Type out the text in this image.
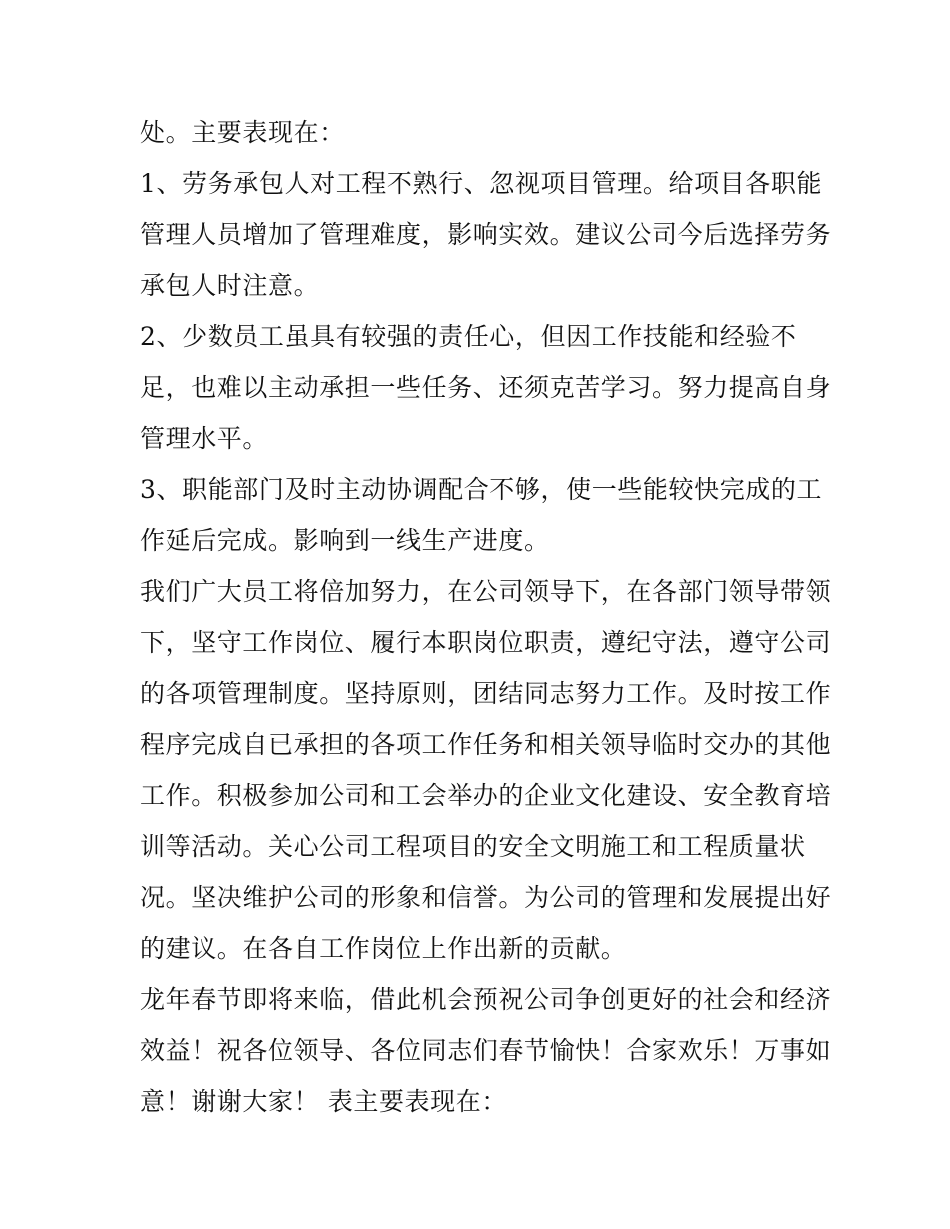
处。主要表现在：
1、劳务承包人对工程不熟行、忽视项目管理。给项目各职能
管理人员增加了管理难度，影响实效。建议公司今后选择劳务
承包人时注意。
2、少数员工虽具有较强的责任心，但因工作技能和经验不
足，也难以主动承担一些任务、还须克苦学习。努力提高自身
管理水平。
3、职能部门及时主动协调配合不够，使一些能较快完成的工
作延后完成。影响到一线生产进度。
我们广大员工将倍加努力，在公司领导下，在各部门领导带领
下，坚守工作岗位、履行本职岗位职责，遵纪守法，遵守公司
的各项管理制度。坚持原则，团结同志努力工作。及时按工作
程序完成自已承担的各项工作任务和相关领导临时交办的其他
工作。积极参加公司和工会举办的企业文化建设、安全教育培
训等活动。关心公司工程项目的安全文明施工和工程质量状
况。坚决维护公司的形象和信誉。为公司的管理和发展提出好
的建议。在各自工作岗位上作出新的贡献。
龙年春节即将来临，借此机会预祝公司争创更好的社会和经济
效益！祝各位领导、各位同志们春节愉快！合家欢乐！万事如
意！谢谢大家！ 表主要表现在：
